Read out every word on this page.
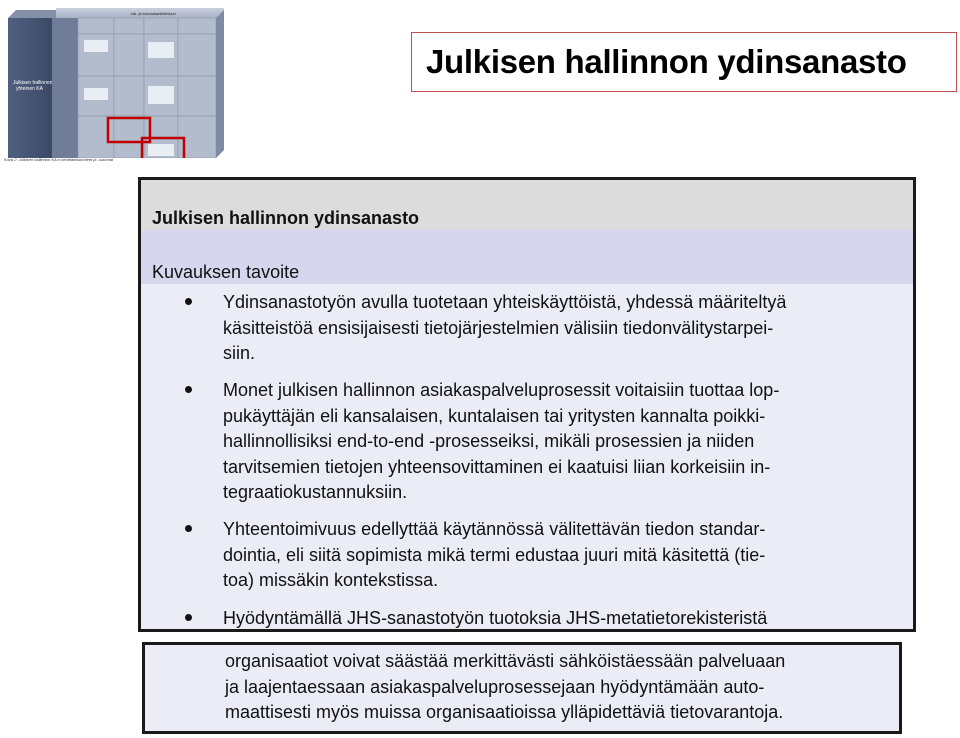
Julk. yk kokonaisarkkitehtuuri
Julkisen hallinnon yhteinen KA
Kuva 2: Julkisen hallinnon KA:n kehittämiskohteet ja -suunnat
Julkisen hallinnon ydinsanasto
Julkisen hallinnon ydinsanasto
Kuvauksen tavoite
Ydinsanastotyön avulla tuotetaan yhteiskäyttöistä, yhdessä määriteltyä
käsitteistöä ensisijaisesti tietojärjestelmien välisiin tiedonvälitystarpei-
siin.
Monet julkisen hallinnon asiakaspalveluprosessit voitaisiin tuottaa lop-
pukäyttäjän eli kansalaisen, kuntalaisen tai yritysten kannalta poikki-
hallinnollisiksi end-to-end -prosesseiksi, mikäli prosessien ja niiden
tarvitsemien tietojen yhteensovittaminen ei kaatuisi liian korkeisiin in-
tegraatiokustannuksiin.
Yhteentoimivuus edellyttää käytännössä välitettävän tiedon standar-
dointia, eli siitä sopimista mikä termi edustaa juuri mitä käsitettä (tie-
toa) missäkin kontekstissa.
Hyödyntämällä JHS-sanastotyön tuotoksia JHS-metatietorekisteristä
organisaatiot voivat säästää merkittävästi sähköistäessään palveluaan
ja laajentaessaan asiakaspalveluprosessejaan hyödyntämään auto-
maattisesti myös muissa organisaatioissa ylläpidettäviä tietovarantoja.
